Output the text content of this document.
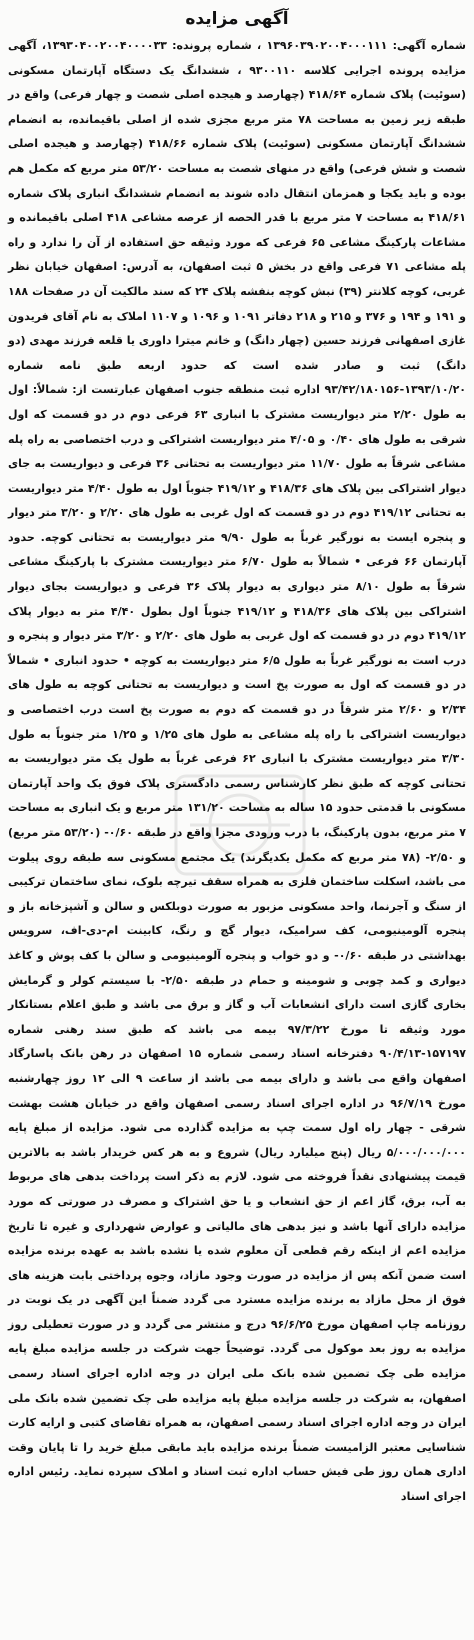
آگهی مزایده

شماره آگهی: ۱۳۹۶۰۳۹۰۲۰۰۴۰۰۰۱۱۱ ، شماره پرونده: ۱۳۹۳۰۴۰۰۲۰۰۴۰۰۰۰۳۳، آگهی مزایده پرونده اجرایی کلاسه ۹۳۰۰۱۱۰ ، ششدانگ یک دستگاه آپارتمان مسکونی (سوئیت) پلاک شماره ۴۱۸/۶۴ (چهارصد و هیجده اصلی شصت و چهار فرعی) واقع در طبقه زیر زمین به مساحت ۷۸ متر مربع مجزی شده از اصلی باقیمانده، به انضمام ششدانگ آپارتمان مسکونی (سوئیت) پلاک شماره ۴۱۸/۶۶ (چهارصد و هیجده اصلی شصت و شش فرعی) واقع در منهای شصت به مساحت ۵۳/۲۰ متر مربع که مکمل هم بوده و باید یکجا و همزمان انتقال داده شوند به انضمام ششدانگ انباری پلاک شماره ۴۱۸/۶۱ به مساحت ۷ متر مربع با قدر الحصه از عرصه مشاعی ۴۱۸ اصلی باقیمانده و مشاعات پارکینگ مشاعی ۶۵ فرعی که مورد وثیقه حق استفاده از آن را ندارد و راه پله مشاعی ۷۱ فرعی واقع در بخش ۵ ثبت اصفهان، به آدرس: اصفهان خیابان نظر غربی، کوچه کلانتر (۳۹) نبش کوچه بنفشه پلاک ۲۴ که سند مالکیت آن در صفحات ۱۸۸ و ۱۹۱ و ۱۹۴ و ۳۷۶ و ۲۱۵ و ۲۱۸ دفاتر ۱۰۹۱ و ۱۰۹۶ و ۱۱۰۷ املاک به نام آقای فریدون غازی اصفهانی فرزند حسین (چهار دانگ) و خانم میترا داوری یا قلعه فرزند مهدی (دو دانگ) ثبت و صادر شده است که حدود اربعه طبق نامه شماره ۱۳۹۳/۱۰/۲۰-۹۳/۴۲/۱۸۰۱۵۶ اداره ثبت منطقه جنوب اصفهان عبارتست از: شمالاً: اول به طول ۲/۲۰ متر دیواریست مشترک با انباری ۶۳ فرعی دوم در دو قسمت که اول شرقی به طول های ۰/۴۰ و ۴/۰۵ متر دیواریست اشتراکی و درب اختصاصی به راه پله مشاعی شرقاً به طول ۱۱/۷۰ متر دیواریست به تحتانی ۳۶ فرعی و دیواریست به جای دیوار اشتراکی بین پلاک های ۴۱۸/۳۶ و ۴۱۹/۱۲ جنوباً اول به طول ۴/۴۰ متر دیواریست به تحتانی ۴۱۹/۱۲ دوم در دو قسمت که اول غربی به طول های ۲/۲۰ و ۳/۲۰ متر دیوار و پنجره ایست به نورگیر غرباً به طول ۹/۹۰ متر دیواریست به تحتانی کوچه. حدود آپارتمان ۶۶ فرعی • شمالاً به طول ۶/۷۰ متر دیواریست مشترک با پارکینگ مشاعی شرقاً به طول ۸/۱۰ متر دیواری به دیوار پلاک ۳۶ فرعی و دیواریست بجای دیوار اشتراکی بین پلاک های ۴۱۸/۳۶ و ۴۱۹/۱۲ جنوباً اول بطول ۴/۴۰ متر به دیوار پلاک ۴۱۹/۱۲ دوم در دو قسمت که اول غربی به طول های ۲/۲۰ و ۳/۲۰ متر دیوار و پنجره و درب است به نورگیر غرباً به طول ۶/۵ متر دیواریست به کوچه • حدود انباری • شمالاً در دو قسمت که اول به صورت پخ است و دیواریست به تحتانی کوچه به طول های ۲/۳۴ و ۲/۶۰ متر شرقاً در دو قسمت که دوم به صورت پخ است درب اختصاصی و دیواریست اشتراکی با راه پله مشاعی به طول های ۱/۲۵ و ۱/۲۵ متر جنوباً به طول ۳/۳۰ متر دیواریست مشترک با انباری ۶۲ فرعی غرباً به طول یک متر دیواریست به تحتانی کوچه که طبق نظر کارشناس رسمی دادگستری پلاک فوق یک واحد آپارتمان مسکونی با قدمتی حدود ۱۵ ساله به مساحت ۱۳۱/۲۰ متر مربع و یک انباری به مساحت ۷ متر مربع، بدون پارکینگ، با درب ورودی مجزا واقع در طبقه ۰/۶۰- (۵۳/۲۰ متر مربع) و ۲/۵۰- (۷۸ متر مربع که مکمل یکدیگرند) یک مجتمع مسکونی سه طبقه روی پیلوت می باشد، اسکلت ساختمان فلزی به همراه سقف تیرچه بلوک، نمای ساختمان ترکیبی از سنگ و آجرنما، واحد مسکونی مزبور به صورت دوبلکس و سالن و آشپزخانه باز و پنجره آلومینیومی، کف سرامیک، دیوار گچ و رنگ، کابینت ام-دی-اف، سرویس بهداشتی در طبقه ۰/۶۰- و دو خواب و پنجره آلومینیومی و سالن با کف پوش و کاغذ دیواری و کمد چوبی و شومینه و حمام در طبقه ۲/۵۰- با سیستم کولر و گرمایش بخاری گازی است دارای انشعابات آب و گاز و برق می باشد و طبق اعلام بستانکار مورد وثیقه تا مورخ ۹۷/۳/۲۲ بیمه می باشد که طبق سند رهنی شماره ۱۵۷۱۹۷-۹۰/۴/۱۳ دفترخانه اسناد رسمی شماره ۱۵ اصفهان در رهن بانک پاسارگاد اصفهان واقع می باشد و دارای بیمه می باشد از ساعت ۹ الی ۱۲ روز چهارشنبه مورخ ۹۶/۷/۱۹ در اداره اجرای اسناد رسمی اصفهان واقع در خیابان هشت بهشت شرقی - چهار راه اول سمت چپ به مزایده گذارده می شود. مزایده از مبلغ پایه ۵/۰۰۰/۰۰۰/۰۰۰ ریال (پنج میلیارد ریال) شروع و به هر کس خریدار باشد به بالاترین قیمت پیشنهادی نقداً فروخته می شود. لازم به ذکر است پرداخت بدهی های مربوط به آب، برق، گاز اعم از حق انشعاب و یا حق اشتراک و مصرف در صورتی که مورد مزایده دارای آنها باشد و نیز بدهی های مالیاتی و عوارض شهرداری و غیره تا تاریخ مزایده اعم از اینکه رقم قطعی آن معلوم شده یا نشده باشد به عهده برنده مزایده است ضمن آنکه پس از مزایده در صورت وجود مازاد، وجوه پرداختی بابت هزینه های فوق از محل مازاد به برنده مزایده مسترد می گردد ضمناً این آگهی در یک نوبت در روزنامه چاپ اصفهان مورخ ۹۶/۶/۲۵ درج و منتشر می گردد و در صورت تعطیلی روز مزایده به روز بعد موکول می گردد. توضیحاً جهت شرکت در جلسه مزایده مبلغ پایه مزایده طی چک تضمین شده بانک ملی ایران در وجه اداره اجرای اسناد رسمی اصفهان، به شرکت در جلسه مزایده مبلغ پایه مزایده طی چک تضمین شده بانک ملی ایران در وجه اداره اجرای اسناد رسمی اصفهان، به همراه تقاضای کتبی و ارایه کارت شناسایی معتبر الزامیست ضمناً برنده مزایده باید مابقی مبلغ خرید را تا پایان وقت اداری همان روز طی فیش حساب اداره ثبت اسناد و املاک سپرده نماید. رئیس اداره اجرای اسناد
